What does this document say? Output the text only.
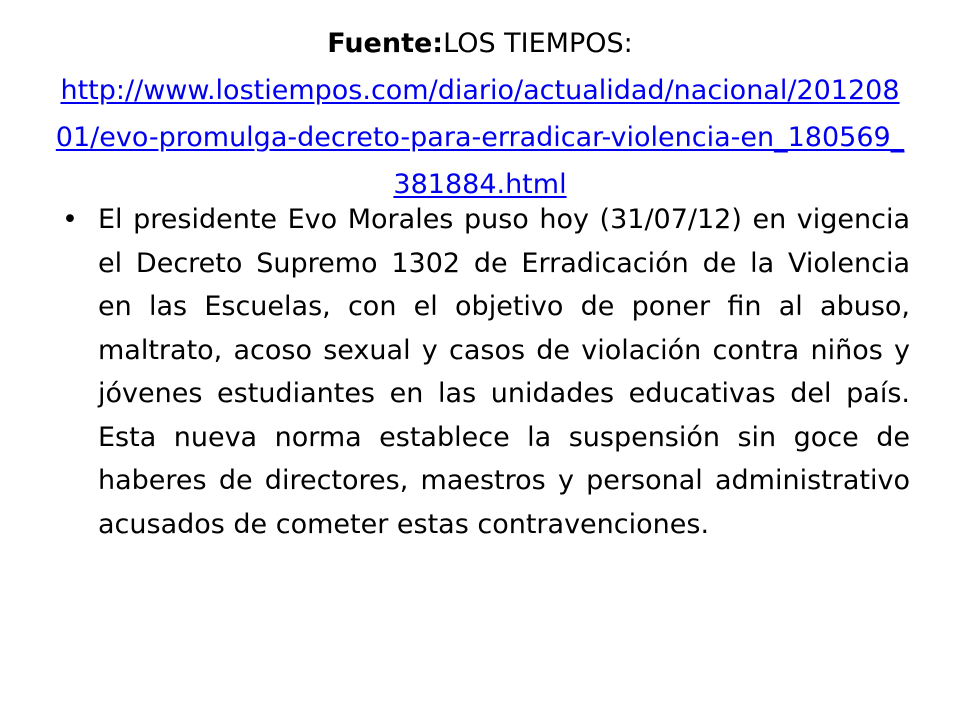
Fuente:LOS TIEMPOS:
http://www.lostiempos.com/diario/actualidad/nacional/20120801/evo-promulga-decreto-para-erradicar-violencia-en_180569_381884.html
• El presidente Evo Morales puso hoy (31/07/12) en vigencia el Decreto Supremo 1302 de Erradicación de la Violencia en las Escuelas, con el objetivo de poner fin al abuso, maltrato, acoso sexual y casos de violación contra niños y jóvenes estudiantes en las unidades educativas del país. Esta nueva norma establece la suspensión sin goce de haberes de directores, maestros y personal administrativo acusados de cometer estas contravenciones.
